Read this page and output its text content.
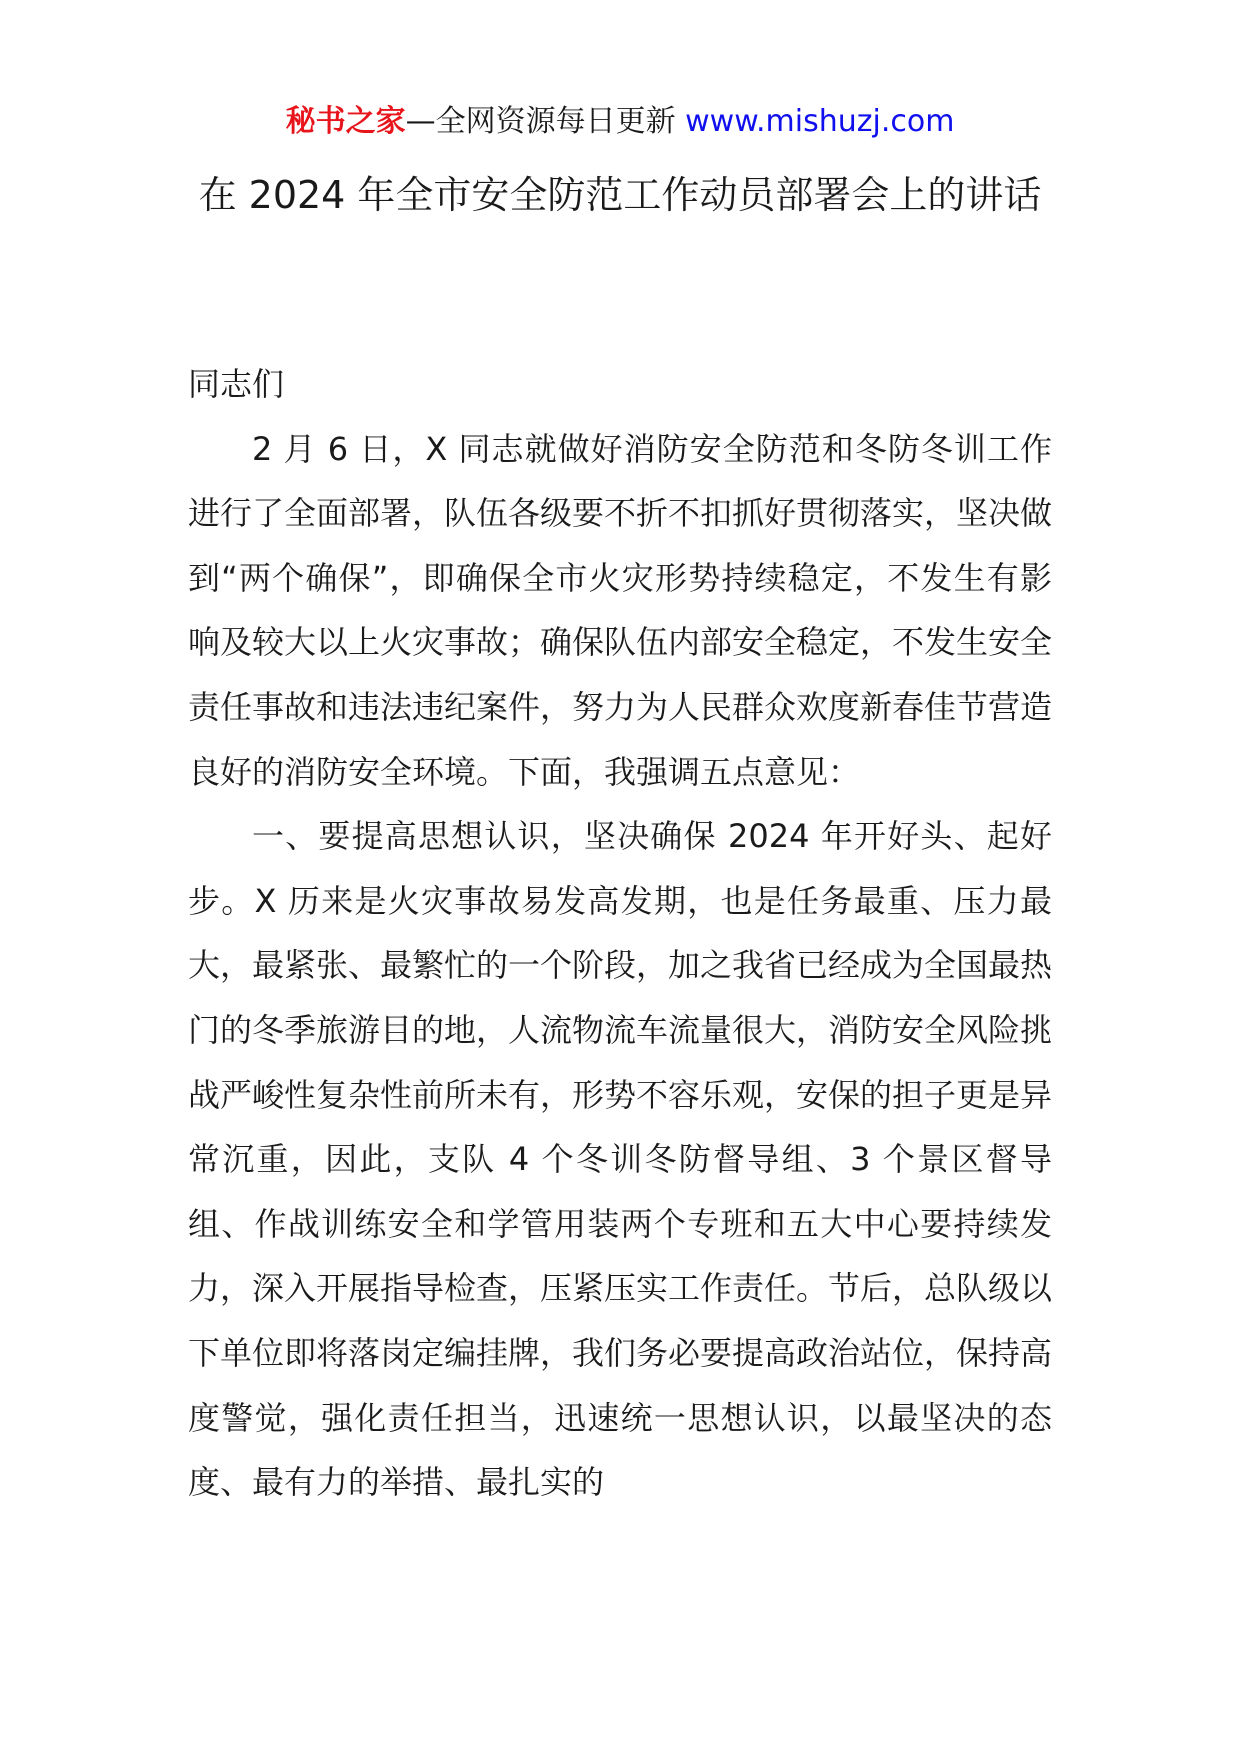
秘书之家—全网资源每日更新 www.mishuzj.com
在 2024 年全市安全防范工作动员部署会上的讲话

同志们

2 月 6 日，X 同志就做好消防安全防范和冬防冬训工作进行了全面部署，队伍各级要不折不扣抓好贯彻落实，坚决做到“两个确保”，即确保全市火灾形势持续稳定，不发生有影响及较大以上火灾事故；确保队伍内部安全稳定，不发生安全责任事故和违法违纪案件，努力为人民群众欢度新春佳节营造良好的消防安全环境。下面，我强调五点意见：

一、要提高思想认识，坚决确保 2024 年开好头、起好步。X 历来是火灾事故易发高发期，也是任务最重、压力最大，最紧张、最繁忙的一个阶段，加之我省已经成为全国最热门的冬季旅游目的地，人流物流车流量很大，消防安全风险挑战严峻性复杂性前所未有，形势不容乐观，安保的担子更是异常沉重，因此，支队 4 个冬训冬防督导组、3 个景区督导组、作战训练安全和学管用装两个专班和五大中心要持续发力，深入开展指导检查，压紧压实工作责任。节后，总队级以下单位即将落岗定编挂牌，我们务必要提高政治站位，保持高度警觉，强化责任担当，迅速统一思想认识，以最坚决的态度、最有力的举措、最扎实的
